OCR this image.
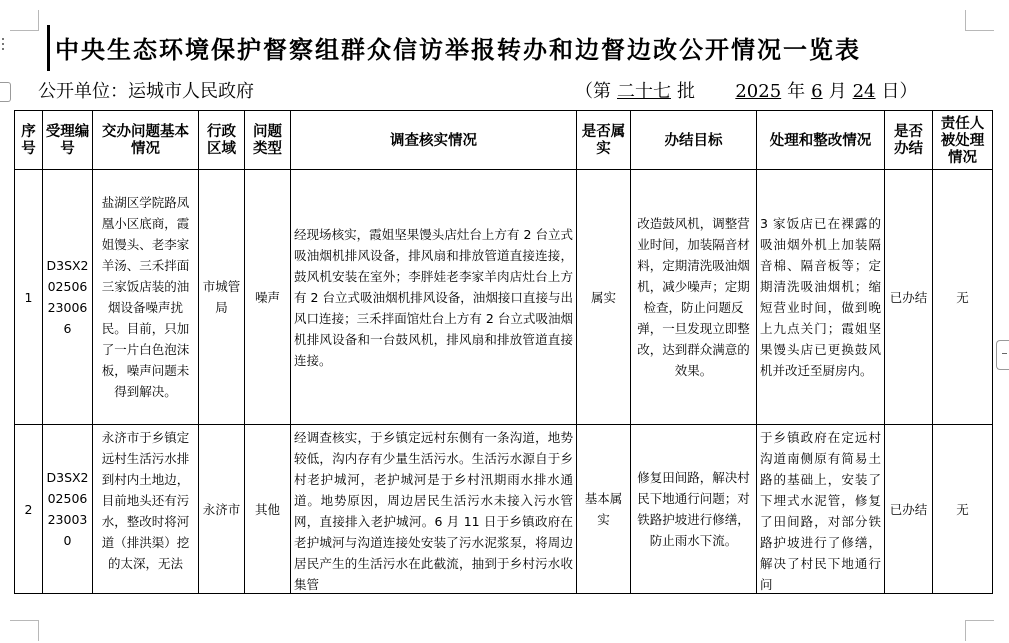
中央生态环境保护督察组群众信访举报转办和边督边改公开情况一览表
公开单位：运城市人民政府	（第 二十七 批 2025 年 6 月 24 日）
序号	受理编号	交办问题基本情况	行政区域	问题类型	调查核实情况	是否属实	办结目标	处理和整改情况	是否办结	责任人被处理情况
1	D3SX20250623006 6	盐湖区学院路凤凰小区底商，霞姐馒头、老李家羊汤、三禾拌面三家饭店装的油烟设备噪声扰民。目前，只加了一片白色泡沫板，噪声问题未得到解决。	市城管局	噪声	经现场核实，霞姐坚果馒头店灶台上方有 2 台立式吸油烟机排风设备，排风扇和排放管道直接连接，鼓风机安装在室外；李胖娃老李家羊肉店灶台上方有 2 台立式吸油烟机排风设备，油烟接口直接与出风口连接；三禾拌面馆灶台上方有 2 台立式吸油烟机排风设备和一台鼓风机，排风扇和排放管道直接连接。	属实	改造鼓风机，调整营业时间，加装隔音材料，定期清洗吸油烟机，减少噪声；定期检查，防止问题反弹，一旦发现立即整改，达到群众满意的效果。	3 家饭店已在裸露的吸油烟外机上加装隔音棉、隔音板等；定期清洗吸油烟机；缩短营业时间，做到晚上九点关门；霞姐坚果馒头店已更换鼓风机并改迁至厨房内。	已办结	无
2	D3SX20250623003 0	永济市于乡镇定远村生活污水排到村内土地边，目前地头还有污水，整改时将河道（排洪渠）挖的太深，无法	永济市	其他	经调查核实，于乡镇定远村东侧有一条沟道，地势较低，沟内存有少量生活污水。生活污水源自于乡村老护城河，老护城河是于乡村汛期雨水排水通道。地势原因，周边居民生活污水未接入污水管网，直接排入老护城河。6 月 11 日于乡镇政府在老护城河与沟道连接处安装了污水泥浆泵，将周边居民产生的生活污水在此截流，抽到于乡村污水收集管	基本属实	修复田间路，解决村民下地通行问题；对铁路护坡进行修缮，防止雨水下流。	于乡镇政府在定远村沟道南侧原有简易土路的基础上，安装了下埋式水泥管，修复了田间路，对部分铁路护坡进行了修缮，解决了村民下地通行问	已办结	无
